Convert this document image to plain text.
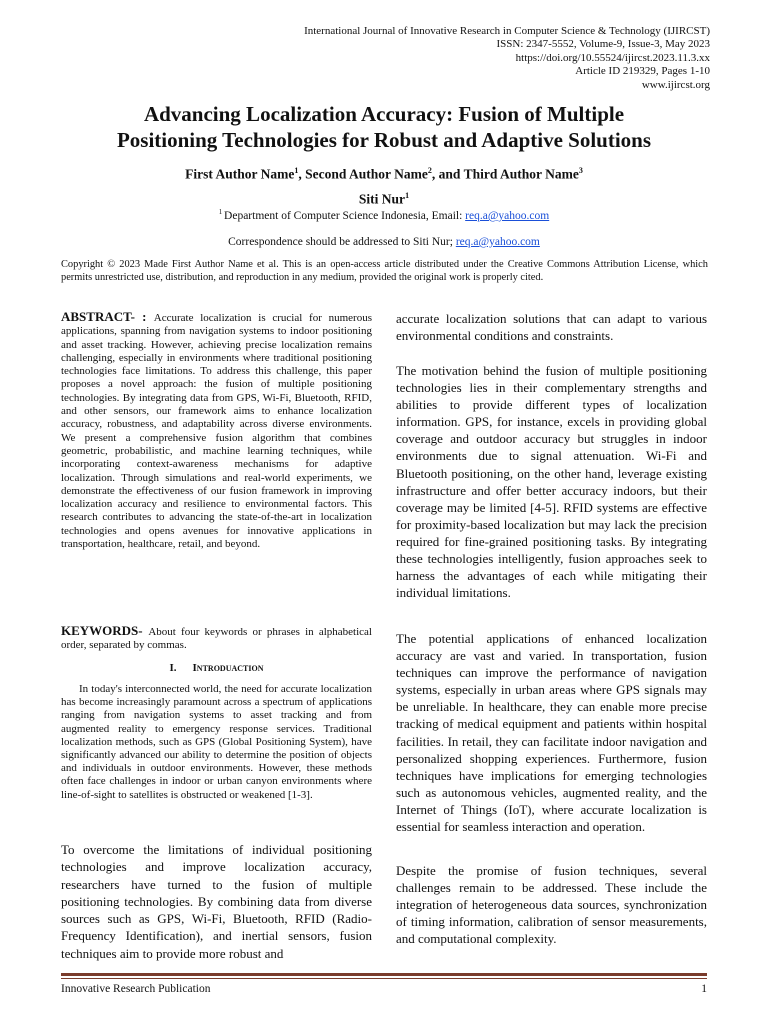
International Journal of Innovative Research in Computer Science & Technology (IJIRCST)
ISSN: 2347-5552, Volume-9, Issue-3, May 2023
https://doi.org/10.55524/ijircst.2023.11.3.xx
Article ID 219329, Pages 1-10
www.ijircst.org
Advancing Localization Accuracy: Fusion of Multiple
Positioning Technologies for Robust and Adaptive Solutions
First Author Name$^1$, Second Author Name$^2$, and Third Author Name$^3$
Siti Nur$^1$
$^1$ Department of Computer Science Indonesia, Email: req.a@yahoo.com
Correspondence should be addressed to Siti Nur; req.a@yahoo.com
Copyright © 2023 Made First Author Name et al. This is an open-access article distributed under the Creative Commons Attribution License, which permits unrestricted use, distribution, and reproduction in any medium, provided the original work is properly cited.
ABSTRACT- : Accurate localization is crucial for numerous applications, spanning from navigation systems to indoor positioning and asset tracking. However, achieving precise localization remains challenging, especially in environments where traditional positioning technologies face limitations. To address this challenge, this paper proposes a novel approach: the fusion of multiple positioning technologies. By integrating data from GPS, Wi-Fi, Bluetooth, RFID, and other sensors, our framework aims to enhance localization accuracy, robustness, and adaptability across diverse environments. We present a comprehensive fusion algorithm that combines geometric, probabilistic, and machine learning techniques, while incorporating context-awareness mechanisms for adaptive localization. Through simulations and real-world experiments, we demonstrate the effectiveness of our fusion framework in improving localization accuracy and resilience to environmental factors. This research contributes to advancing the state-of-the-art in localization technologies and opens avenues for innovative applications in transportation, healthcare, retail, and beyond.
KEYWORDS- About four keywords or phrases in alphabetical order, separated by commas.
I. Introduaction
In today's interconnected world, the need for accurate localization has become increasingly paramount across a spectrum of applications ranging from navigation systems to asset tracking and from augmented reality to emergency response services. Traditional localization methods, such as GPS (Global Positioning System), have significantly advanced our ability to determine the position of objects and individuals in outdoor environments. However, these methods often face challenges in indoor or urban canyon environments where line-of-sight to satellites is obstructed or weakened [1-3].
To overcome the limitations of individual positioning technologies and improve localization accuracy, researchers have turned to the fusion of multiple positioning technologies. By combining data from diverse sources such as GPS, Wi-Fi, Bluetooth, RFID (Radio-Frequency Identification), and inertial sensors, fusion techniques aim to provide more robust and

accurate localization solutions that can adapt to various environmental conditions and constraints.

The motivation behind the fusion of multiple positioning technologies lies in their complementary strengths and abilities to provide different types of localization information. GPS, for instance, excels in providing global coverage and outdoor accuracy but struggles in indoor environments due to signal attenuation. Wi-Fi and Bluetooth positioning, on the other hand, leverage existing infrastructure and offer better accuracy indoors, but their coverage may be limited [4-5]. RFID systems are effective for proximity-based localization but may lack the precision required for fine-grained positioning tasks. By integrating these technologies intelligently, fusion approaches seek to harness the advantages of each while mitigating their individual limitations.

The potential applications of enhanced localization accuracy are vast and varied. In transportation, fusion techniques can improve the performance of navigation systems, especially in urban areas where GPS signals may be unreliable. In healthcare, they can enable more precise tracking of medical equipment and patients within hospital facilities. In retail, they can facilitate indoor navigation and personalized shopping experiences. Furthermore, fusion techniques have implications for emerging technologies such as autonomous vehicles, augmented reality, and the Internet of Things (IoT), where accurate localization is essential for seamless interaction and operation.

Despite the promise of fusion techniques, several challenges remain to be addressed. These include the integration of heterogeneous data sources, synchronization of timing information, calibration of sensor measurements, and computational complexity.

Innovative Research Publication	1
